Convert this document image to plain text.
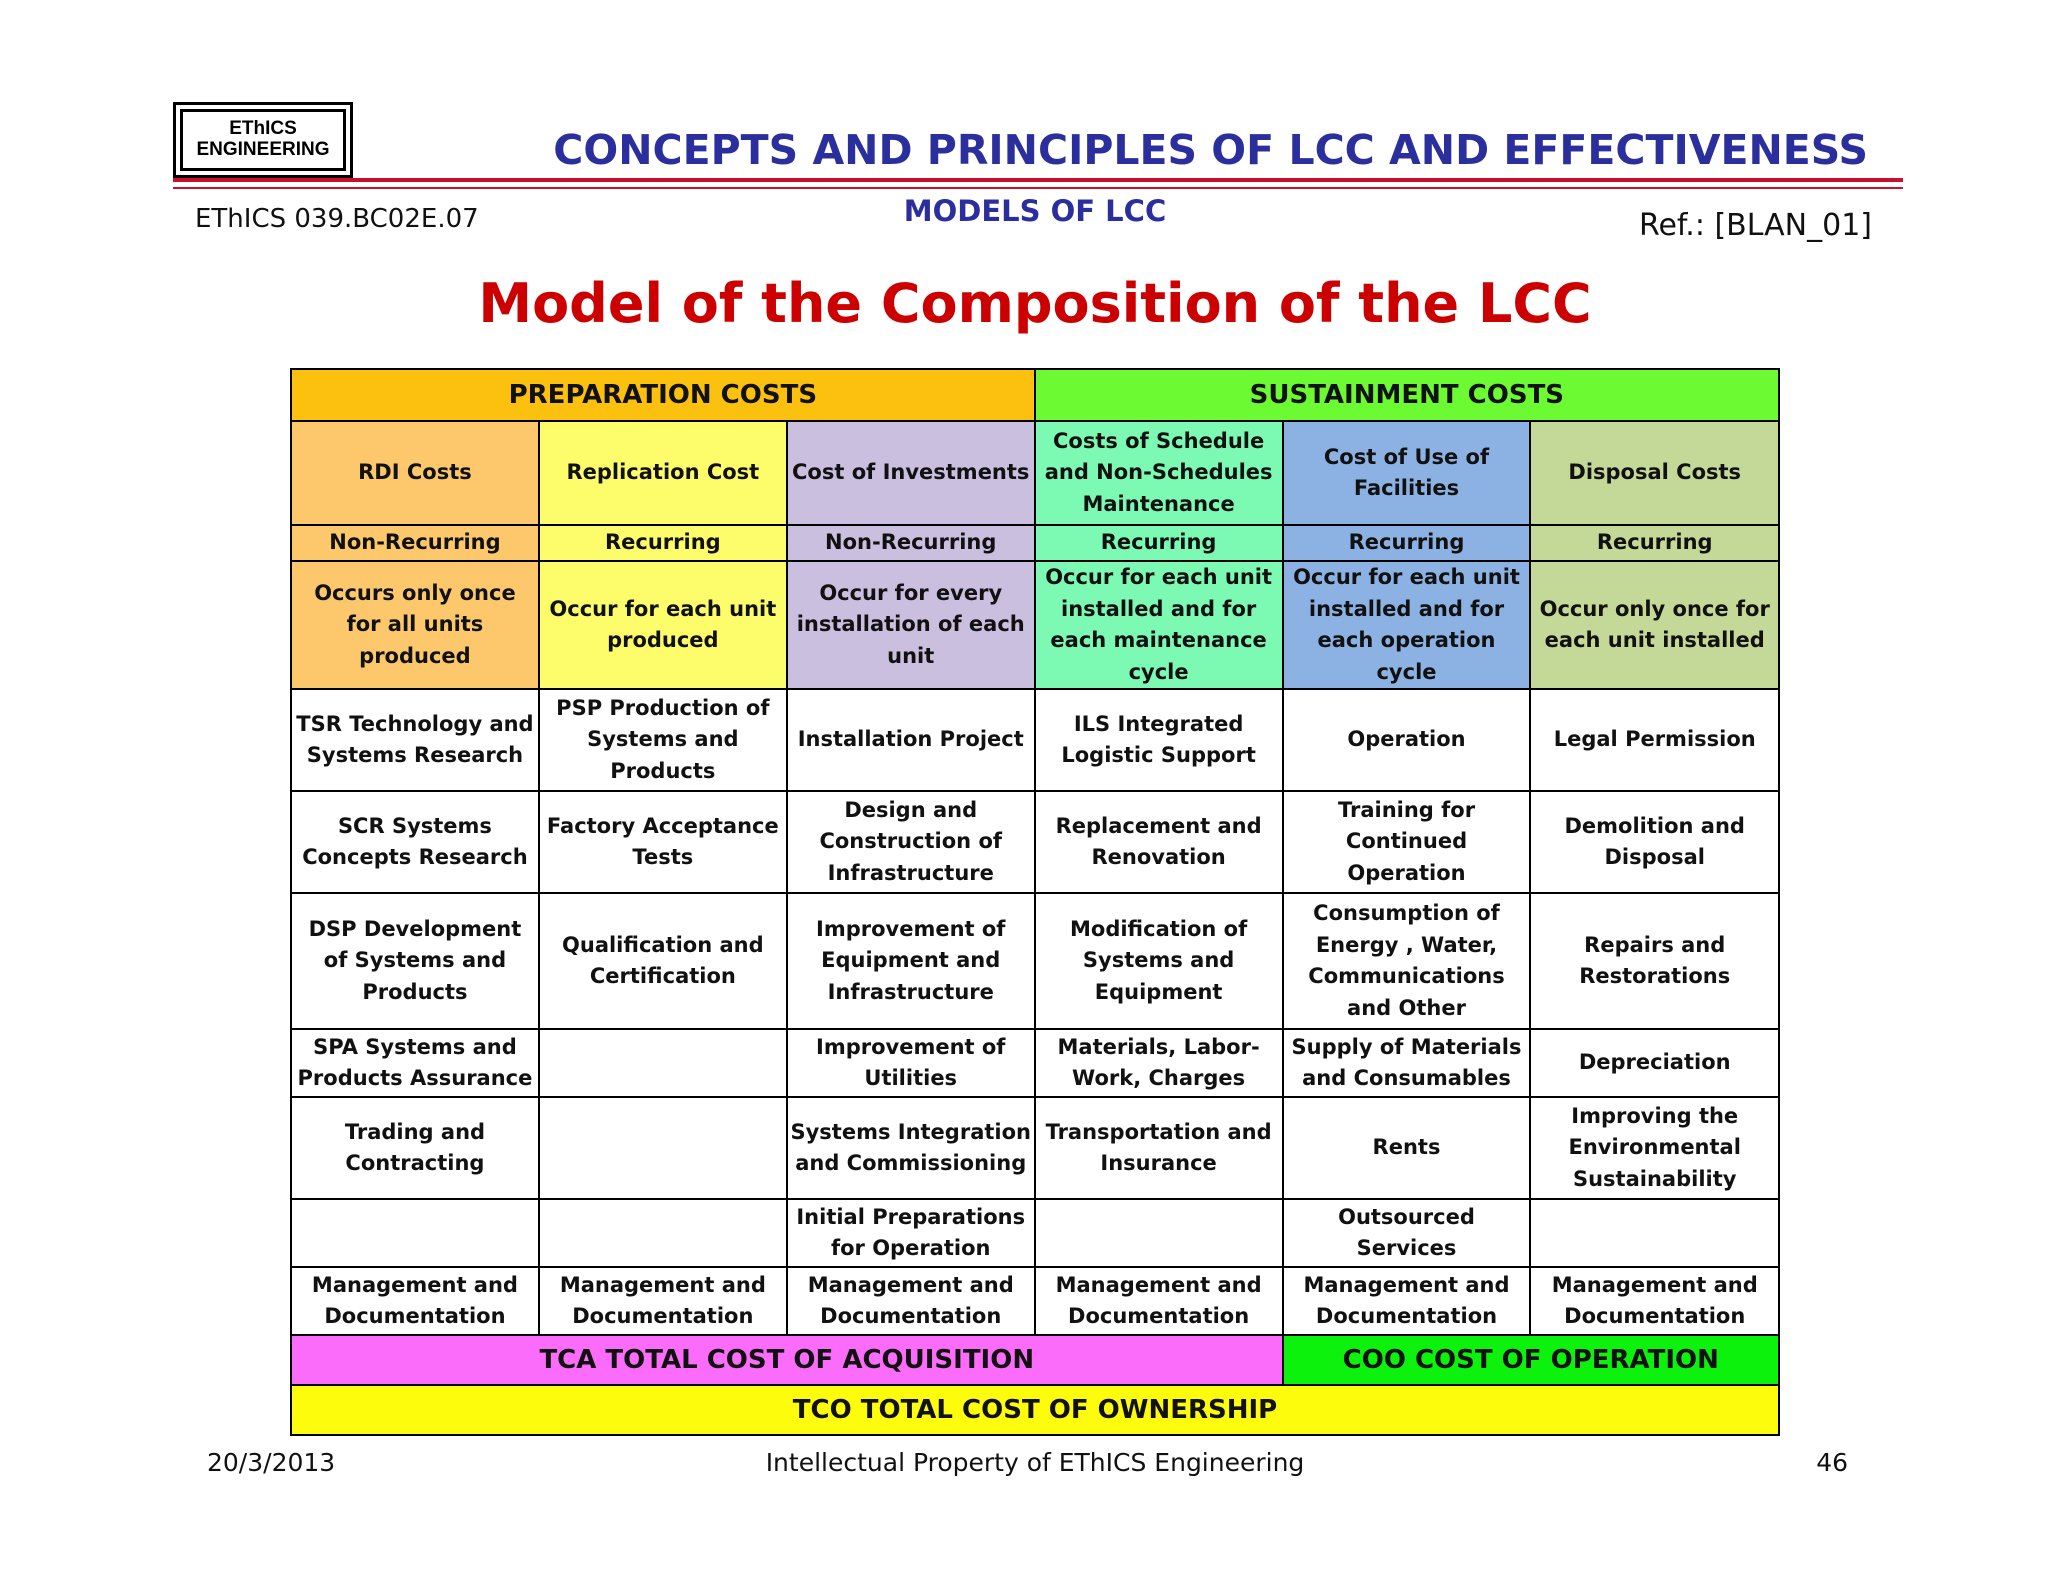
EThICS
ENGINEERING	CONCEPTS AND PRINCIPLES OF LCC AND EFFECTIVENESS
EThICS 039.BC02E.07	MODELS OF LCC	Ref.: [BLAN_01]
Model of the Composition of the LCC
PREPARATION COSTS			SUSTAINMENT COSTS		
RDI Costs	Replication Cost	Cost of Investments	Costs of Schedule and Non-Schedules Maintenance	Cost of Use of Facilities	Disposal Costs
Non-Recurring	Recurring	Non-Recurring	Recurring	Recurring	Recurring
Occurs only once for all units produced	Occur for each unit produced	Occur for every installation of each unit	Occur for each unit installed and for each maintenance cycle	Occur for each unit installed and for each operation cycle	Occur only once for each unit installed
TSR Technology and Systems Research	PSP Production of Systems and Products	Installation Project	ILS Integrated Logistic Support	Operation	Legal Permission
SCR Systems Concepts Research	Factory Acceptance Tests	Design and Construction of Infrastructure	Replacement and Renovation	Training for Continued Operation	Demolition and Disposal
DSP Development of Systems and Products	Qualification and Certification	Improvement of Equipment and Infrastructure	Modification of Systems and Equipment	Consumption of Energy , Water, Communications and Other	Repairs and Restorations
SPA Systems and Products Assurance		Improvement of Utilities	Materials, Labor-Work, Charges	Supply of Materials and Consumables	Depreciation
Trading and Contracting		Systems Integration and Commissioning	Transportation and Insurance	Rents	Improving the Environmental Sustainability
		Initial Preparations for Operation		Outsourced Services	
Management and Documentation	Management and Documentation	Management and Documentation	Management and Documentation	Management and Documentation	Management and Documentation
TCA TOTAL COST OF ACQUISITION				COO COST OF OPERATION	
TCO TOTAL COST OF OWNERSHIP					
20/3/2013	Intellectual Property of EThICS Engineering	46
